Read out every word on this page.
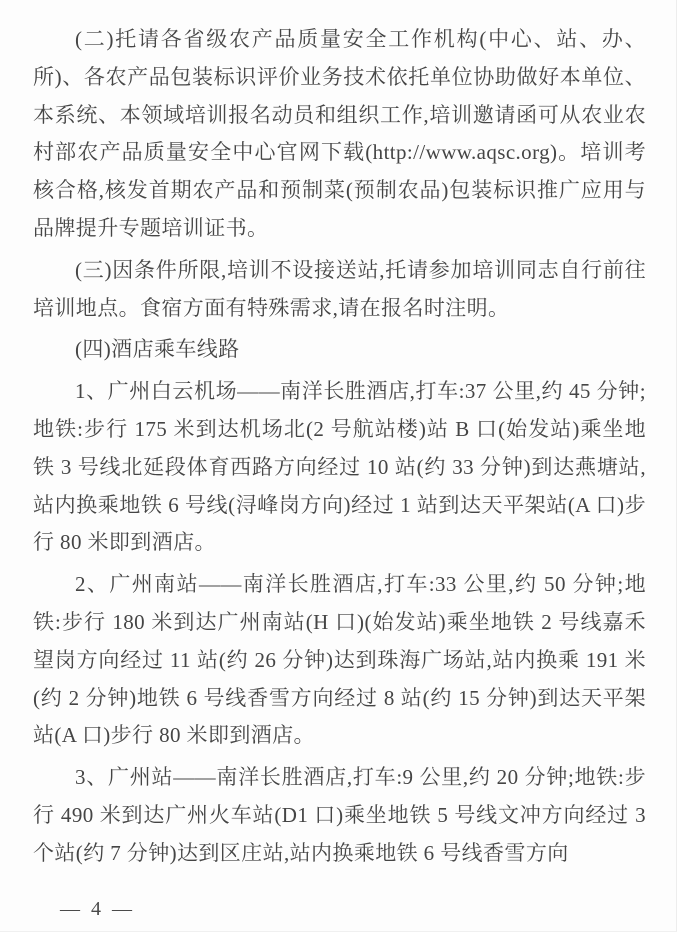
(二)托请各省级农产品质量安全工作机构(中心、站、办、所)、各农产品包装标识评价业务技术依托单位协助做好本单位、本系统、本领域培训报名动员和组织工作,培训邀请函可从农业农村部农产品质量安全中心官网下载(http://www.aqsc.org)。培训考核合格,核发首期农产品和预制菜(预制农品)包装标识推广应用与品牌提升专题培训证书。

(三)因条件所限,培训不设接送站,托请参加培训同志自行前往培训地点。食宿方面有特殊需求,请在报名时注明。

(四)酒店乘车线路

1、广州白云机场——南洋长胜酒店,打车:37 公里,约 45 分钟;地铁:步行 175 米到达机场北(2 号航站楼)站 B 口(始发站)乘坐地铁 3 号线北延段体育西路方向经过 10 站(约 33 分钟)到达燕塘站,站内换乘地铁 6 号线(浔峰岗方向)经过 1 站到达天平架站(A 口)步行 80 米即到酒店。

2、广州南站——南洋长胜酒店,打车:33 公里,约 50 分钟;地铁:步行 180 米到达广州南站(H 口)(始发站)乘坐地铁 2 号线嘉禾望岗方向经过 11 站(约 26 分钟)达到珠海广场站,站内换乘 191 米(约 2 分钟)地铁 6 号线香雪方向经过 8 站(约 15 分钟)到达天平架站(A 口)步行 80 米即到酒店。

3、广州站——南洋长胜酒店,打车:9 公里,约 20 分钟;地铁:步行 490 米到达广州火车站(D1 口)乘坐地铁 5 号线文冲方向经过 3 个站(约 7 分钟)达到区庄站,站内换乘地铁 6 号线香雪方向

— 4 —
